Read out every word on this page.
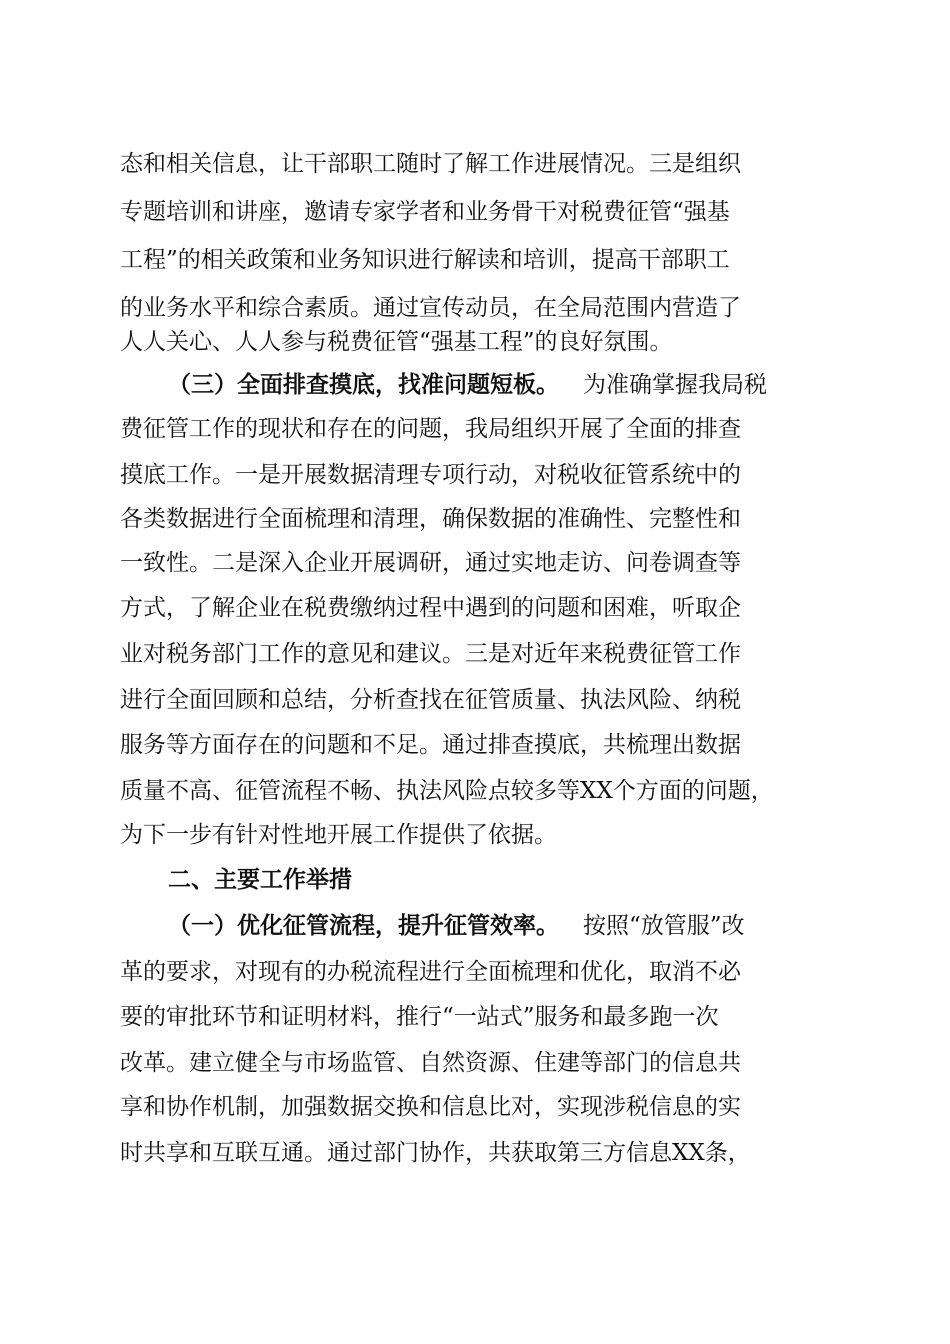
态和相关信息，让干部职工随时了解工作进展情况。三是组织
专题培训和讲座，邀请专家学者和业务骨干对税费征管“强基
工程”的相关政策和业务知识进行解读和培训，提高干部职工
的业务水平和综合素质。通过宣传动员，在全局范围内营造了
人人关心、人人参与税费征管“强基工程”的良好氛围。
（三）全面排查摸底，找准问题短板。 为准确掌握我局税
费征管工作的现状和存在的问题，我局组织开展了全面的排查
摸底工作。一是开展数据清理专项行动，对税收征管系统中的
各类数据进行全面梳理和清理，确保数据的准确性、完整性和
一致性。二是深入企业开展调研，通过实地走访、问卷调查等
方式，了解企业在税费缴纳过程中遇到的问题和困难，听取企
业对税务部门工作的意见和建议。三是对近年来税费征管工作
进行全面回顾和总结，分析查找在征管质量、执法风险、纳税
服务等方面存在的问题和不足。通过排查摸底，共梳理出数据
质量不高、征管流程不畅、执法风险点较多等XX个方面的问题，
为下一步有针对性地开展工作提供了依据。
二、主要工作举措
（一）优化征管流程，提升征管效率。 按照“放管服”改
革的要求，对现有的办税流程进行全面梳理和优化，取消不必
要的审批环节和证明材料，推行“一站式”服务和最多跑一次
改革。建立健全与市场监管、自然资源、住建等部门的信息共
享和协作机制，加强数据交换和信息比对，实现涉税信息的实
时共享和互联互通。通过部门协作，共获取第三方信息XX条，
